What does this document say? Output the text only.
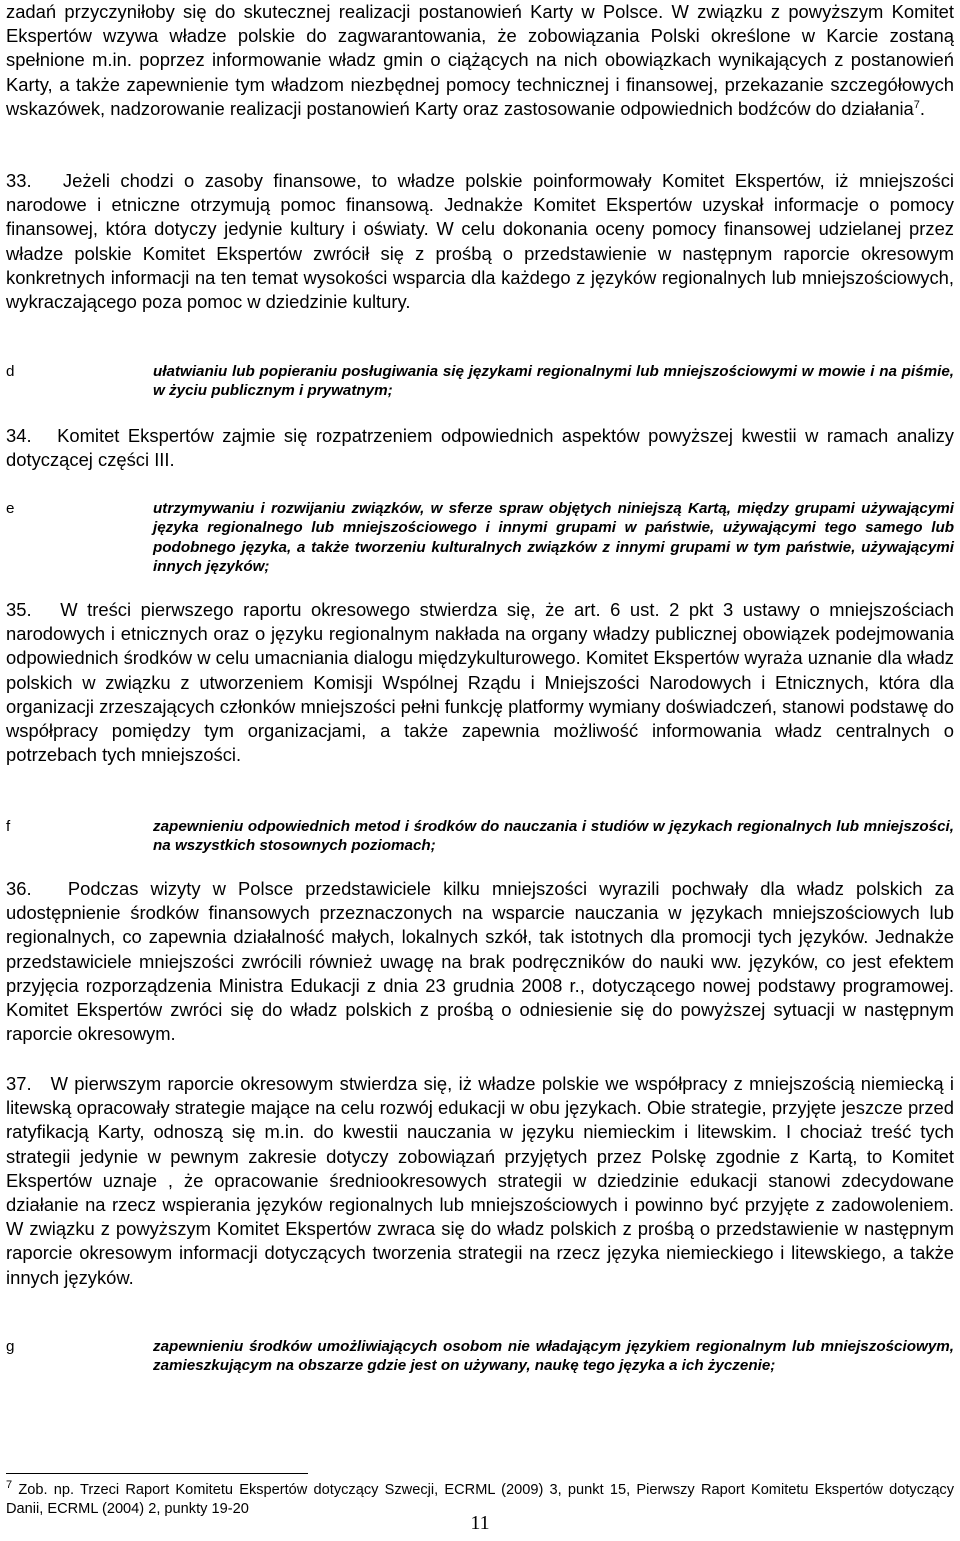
zadań przyczyniłoby się do skutecznej realizacji postanowień Karty w Polsce. W związku z powyższym Komitet Ekspertów wzywa władze polskie do zagwarantowania, że zobowiązania Polski określone w Karcie zostaną spełnione m.in. poprzez informowanie władz gmin o ciążących na nich obowiązkach wynikających z postanowień Karty, a także zapewnienie tym władzom niezbędnej pomocy technicznej i finansowej, przekazanie szczegółowych wskazówek, nadzorowanie realizacji postanowień Karty oraz zastosowanie odpowiednich bodźców do działania$^7$.

33.   Jeżeli chodzi o zasoby finansowe, to władze polskie poinformowały Komitet Ekspertów, iż mniejszości narodowe i etniczne otrzymują pomoc finansową. Jednakże Komitet Ekspertów uzyskał informacje o pomocy finansowej, która dotyczy jedynie kultury i oświaty. W celu dokonania oceny pomocy finansowej udzielanej przez władze polskie Komitet Ekspertów zwrócił się z prośbą o przedstawienie w następnym raporcie okresowym konkretnych informacji na ten temat wysokości wsparcia dla każdego z języków regionalnych lub mniejszościowych, wykraczającego poza pomoc w dziedzinie kultury.

d	ułatwianiu lub popieraniu posługiwania się językami regionalnymi lub mniejszościowymi w mowie i na piśmie, w życiu publicznym i prywatnym;

34.   Komitet Ekspertów zajmie się rozpatrzeniem odpowiednich aspektów powyższej kwestii w ramach analizy dotyczącej części III.

e	utrzymywaniu i rozwijaniu związków, w sferze spraw objętych niniejszą Kartą, między grupami używającymi języka regionalnego lub mniejszościowego i innymi grupami w państwie, używającymi tego samego lub podobnego języka, a także tworzeniu kulturalnych związków z innymi grupami w tym państwie, używającymi innych języków;

35.   W treści pierwszego raportu okresowego stwierdza się, że art. 6 ust. 2 pkt 3 ustawy o mniejszościach narodowych i etnicznych oraz o języku regionalnym nakłada na organy władzy publicznej obowiązek podejmowania odpowiednich środków w celu umacniania dialogu międzykulturowego. Komitet Ekspertów wyraża uznanie dla władz polskich w związku z utworzeniem Komisji Wspólnej Rządu i Mniejszości Narodowych i Etnicznych, która dla organizacji zrzeszających członków mniejszości pełni funkcję platformy wymiany doświadczeń, stanowi podstawę do współpracy pomiędzy tym organizacjami, a także zapewnia możliwość informowania władz centralnych o potrzebach tych mniejszości.

f	zapewnieniu odpowiednich metod i środków do nauczania i studiów w językach regionalnych lub mniejszości, na wszystkich stosownych poziomach;

36.   Podczas wizyty w Polsce przedstawiciele kilku mniejszości wyrazili pochwały dla władz polskich za udostępnienie środków finansowych przeznaczonych na wsparcie nauczania w językach mniejszościowych lub regionalnych, co zapewnia działalność małych, lokalnych szkół, tak istotnych dla promocji tych języków. Jednakże przedstawiciele mniejszości zwrócili również uwagę na brak podręczników do nauki ww. języków, co jest efektem przyjęcia rozporządzenia Ministra Edukacji z dnia 23 grudnia 2008 r., dotyczącego nowej podstawy programowej. Komitet Ekspertów zwróci się do władz polskich z prośbą o odniesienie się do powyższej sytuacji w następnym raporcie okresowym.

37.   W pierwszym raporcie okresowym stwierdza się, iż władze polskie we współpracy z mniejszością niemiecką i litewską opracowały strategie mające na celu rozwój edukacji w obu językach. Obie strategie, przyjęte jeszcze przed ratyfikacją Karty, odnoszą się m.in. do kwestii nauczania w języku niemieckim i litewskim. I chociaż treść tych strategii jedynie w pewnym zakresie dotyczy zobowiązań przyjętych przez Polskę zgodnie z Kartą, to Komitet Ekspertów uznaje , że opracowanie średniookresowych strategii w dziedzinie edukacji stanowi zdecydowane działanie na rzecz wspierania języków regionalnych lub mniejszościowych i powinno być przyjęte z zadowoleniem. W związku z powyższym Komitet Ekspertów zwraca się do władz polskich z prośbą o przedstawienie w następnym raporcie okresowym informacji dotyczących tworzenia strategii na rzecz języka niemieckiego i litewskiego, a także innych języków.

g	zapewnieniu środków umożliwiających osobom nie władającym językiem regionalnym lub mniejszościowym, zamieszkującym na obszarze gdzie jest on używany, naukę tego języka a ich życzenie;
$^7$ Zob. np. Trzeci Raport Komitetu Ekspertów dotyczący Szwecji, ECRML (2009) 3, punkt 15, Pierwszy Raport Komitetu Ekspertów dotyczący Danii, ECRML (2004) 2, punkty 19-20
11
